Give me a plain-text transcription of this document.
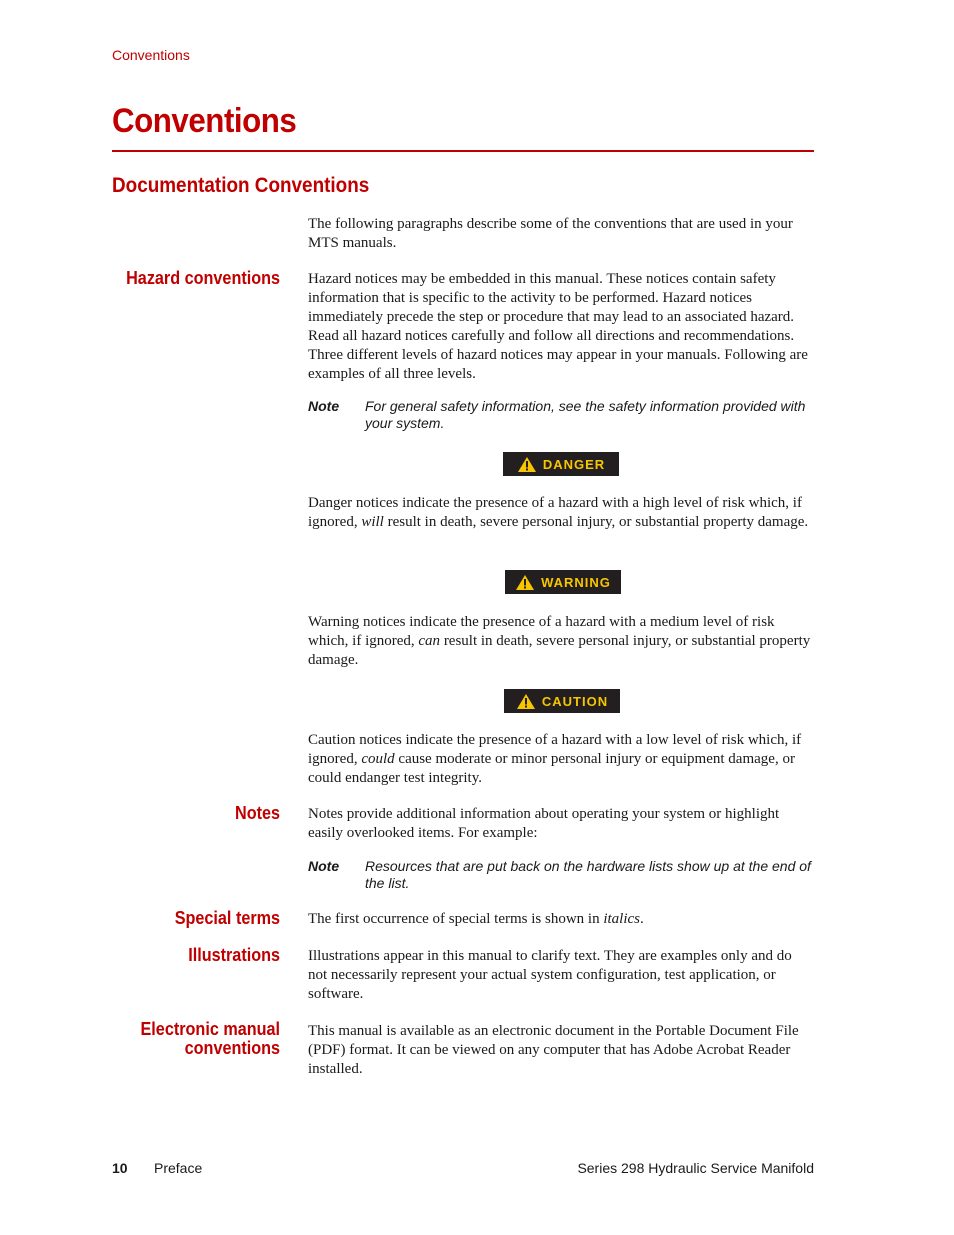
Conventions
Conventions
Documentation Conventions

The following paragraphs describe some of the conventions that are used in your MTS manuals.

Hazard conventions Hazard notices may be embedded in this manual. These notices contain safety information that is specific to the activity to be performed. Hazard notices immediately precede the step or procedure that may lead to an associated hazard. Read all hazard notices carefully and follow all directions and recommendations. Three different levels of hazard notices may appear in your manuals. Following are examples of all three levels.

Note For general safety information, see the safety information provided with your system.
DANGER

Danger notices indicate the presence of a hazard with a high level of risk which, if ignored, will result in death, severe personal injury, or substantial property damage.

WARNING

Warning notices indicate the presence of a hazard with a medium level of risk which, if ignored, can result in death, severe personal injury, or substantial property damage.

CAUTION

Caution notices indicate the presence of a hazard with a low level of risk which, if ignored, could cause moderate or minor personal injury or equipment damage, or could endanger test integrity.

Notes Notes provide additional information about operating your system or highlight easily overlooked items. For example:

Note Resources that are put back on the hardware lists show up at the end of the list.
Special terms The first occurrence of special terms is shown in italics.

Illustrations Illustrations appear in this manual to clarify text. They are examples only and do not necessarily represent your actual system configuration, test application, or software.

Electronic manual
conventions

This manual is available as an electronic document in the Portable Document File (PDF) format. It can be viewed on any computer that has Adobe Acrobat Reader installed.

10 Preface	Series 298 Hydraulic Service Manifold
